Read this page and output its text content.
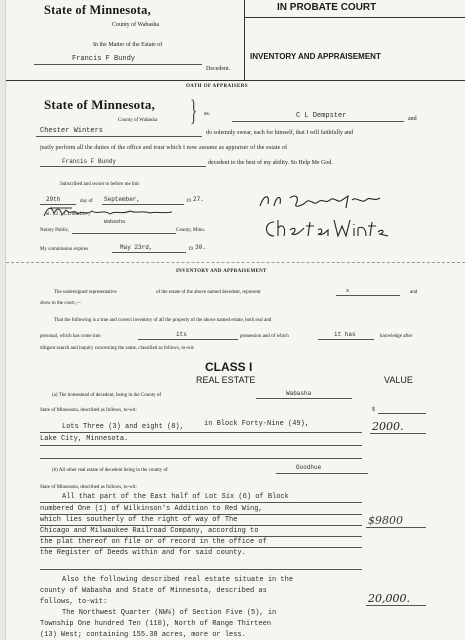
State of Minnesota,
County of Wabasha
In the Matter of the Estate of
Francis F Bundy
Decedent.
IN PROBATE COURT
INVENTORY AND APPRAISEMENT
OATH OF APPRAISERS
State of Minnesota,
County of Wabasha } ss.	C L Dempster	and
Chester Winters	do solemnly swear, each for himself, that I will faithfully and
justly perform all the duties of the office and trust which I now assume as appraiser of the estate of
Francis F Bundy	decedent to the best of my ability. So Help Me God.
Subscribed and sworn to before me this
29th	day of September,	19 27.
W. J. Linmeier,
Wabasha
Notary Public,	County, Minn.
My commission expires	May 23rd,	19 30.
INVENTORY AND APPRAISEMENT
The undersigned representative	of the estate of the above named decedent, represent	s	and
show to the court,—
That the following is a true and correct inventory of all the property of the above named estate, both real and
personal, which has come into	its	possession and of which	it has	knowledge after
diligent search and inquiry concerning the same, classified as follows, to-wit:
CLASS I
REAL ESTATE	VALUE
(a) The homestead of decedent, being in the County of	Wabasha
State of Minnesota, described as follows, to-wit:	$
Lots Three (3) and eight (8),	in Block Forty-Nine (49),	2000.
Lake City, Minnesota.
(b) All other real estate of decedent being in the county of	Goodhue
State of Minnesota, described as follows, to-wit:
All that part of the East half of Lot Six (6) of Block
numbered One (1) of Wilkinson's Addition to Red Wing,
which lies southerly of the right of way of The
Chicago and Milwaukee Railroad Company, according to
the plat thereof on file or of record in the office of
the Register of Deeds within and for said county.
$9800
Also the following described real estate situate in the
county of Wabasha and State of Minnesota, described as
follows, to-wit:
The Northwest Quarter (NW¼) of Section Five (5), in
Township One hundred Ten (110), North of Range Thirteen
(13) West; containing 155.38 acres, more or less.
20,000.
